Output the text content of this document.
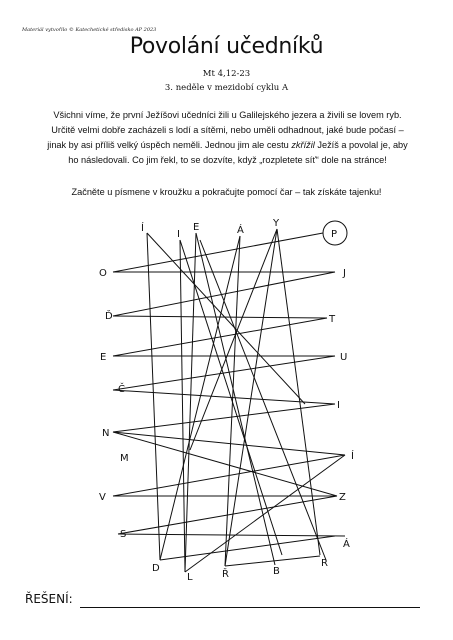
Materiál vytvořilo © Katechetické středisko AP 2023
Povolání učedníků
Mt 4,12-23
3. neděle v mezidobí cyklu A
Všichni víme, že první Ježíšovi učedníci žili u Galilejského jezera a živili se lovem ryb.
Určitě velmi dobře zacházeli s lodí a sítěmi, nebo uměli odhadnout, jaké bude počasí –
jinak by asi příliš velký úspěch neměli. Jednou jim ale cestu zkřížil Ježíš a povolal je, aby
ho následovali. Co jim řekl, to se dozvíte, když „rozpletete síť“ dole na stránce!
Začněte u písmene v kroužku a pokračujte pomocí čar – tak získáte tajenku!
P
Í
I
E	Á
Y
O
Ď
E
Č
N
M
V
S
J
T
U
I
Í
Z
Á
D
L	Ř	B
R
ŘEŠENÍ:
